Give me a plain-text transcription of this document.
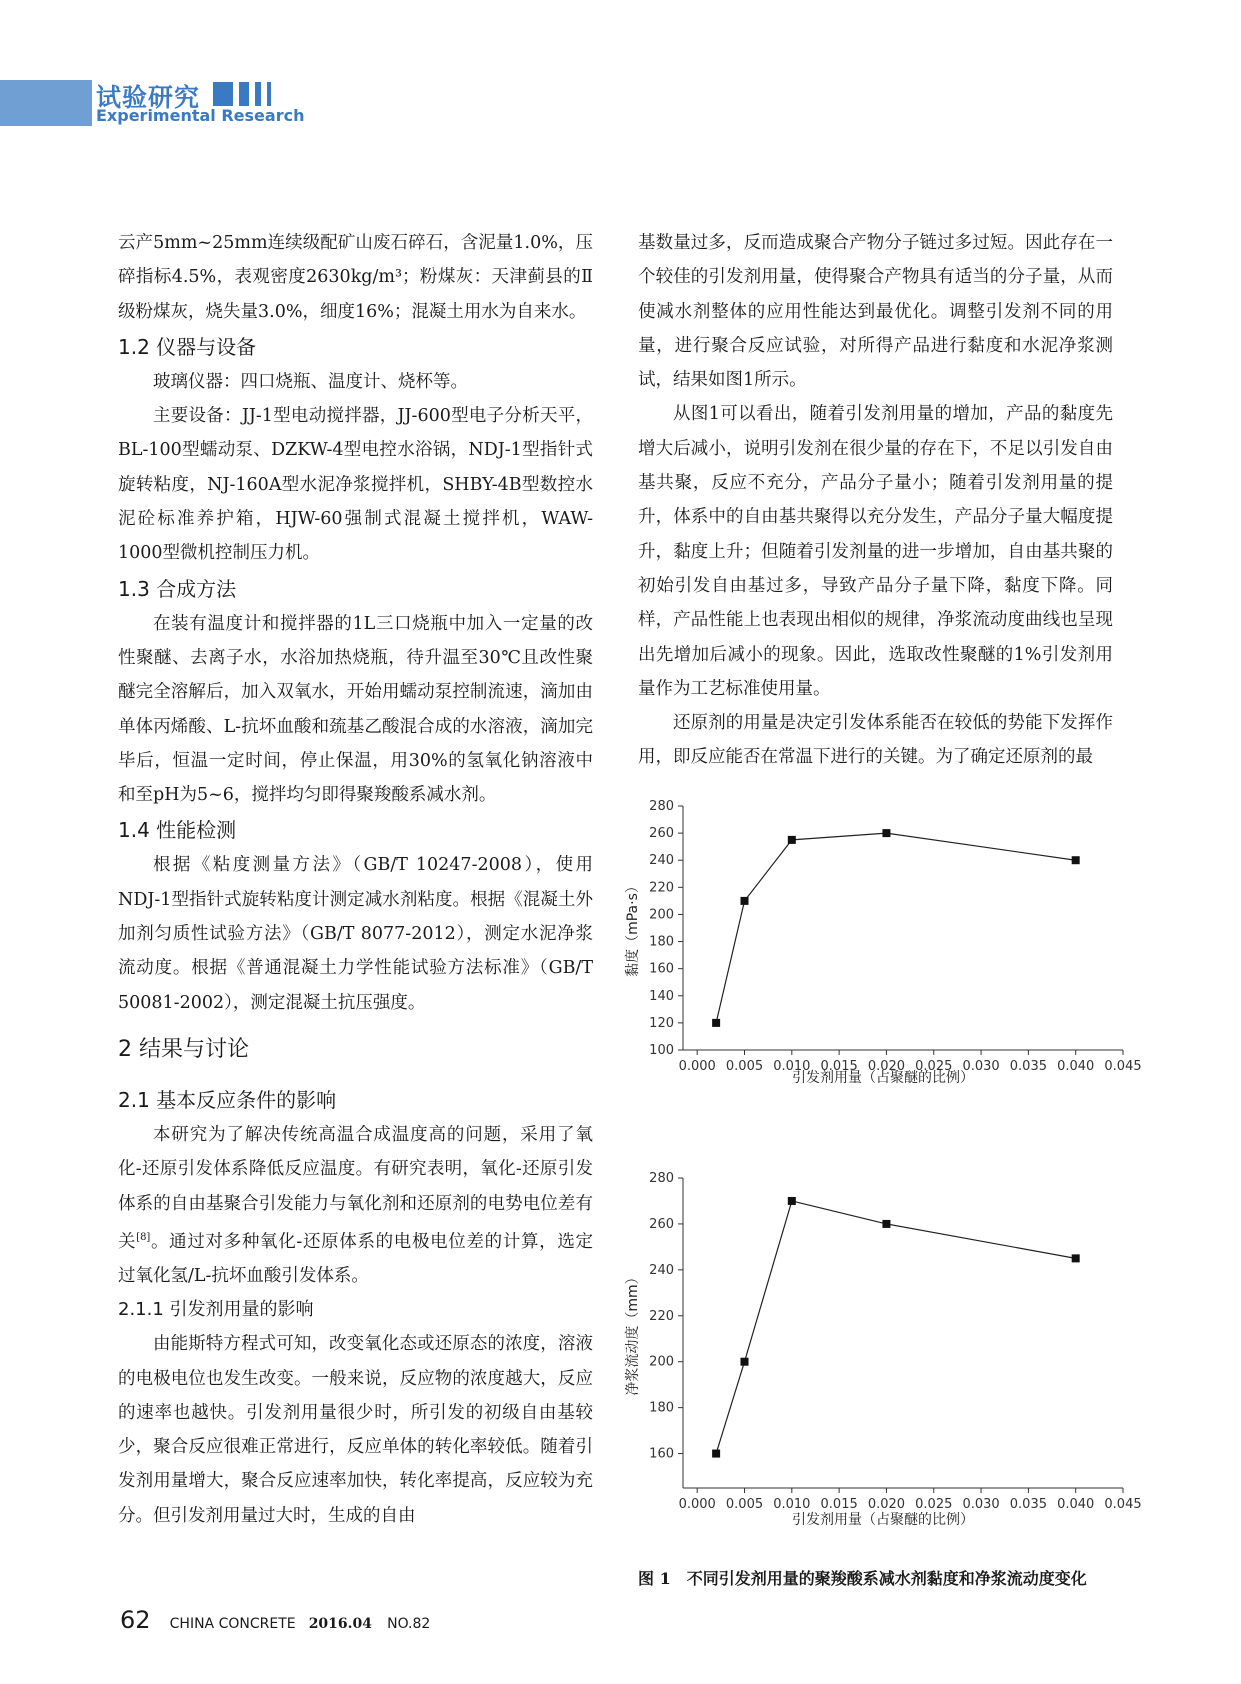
试验研究
Experimental Research

云产5mm~25mm连续级配矿山废石碎石，含泥量1.0%，压碎指标4.5%，表观密度2630kg/m³；粉煤灰：天津蓟县的Ⅱ级粉煤灰，烧失量3.0%，细度16%；混凝土用水为自来水。

1.2 仪器与设备

玻璃仪器：四口烧瓶、温度计、烧杯等。

主要设备：JJ-1型电动搅拌器，JJ-600型电子分析天平，BL-100型蠕动泵、DZKW-4型电控水浴锅，NDJ-1型指针式旋转粘度，NJ-160A型水泥净浆搅拌机，SHBY-4B型数控水泥砼标准养护箱，HJW-60强制式混凝土搅拌机，WAW-1000型微机控制压力机。

1.3 合成方法

在装有温度计和搅拌器的1L三口烧瓶中加入一定量的改性聚醚、去离子水，水浴加热烧瓶，待升温至30℃且改性聚醚完全溶解后，加入双氧水，开始用蠕动泵控制流速，滴加由单体丙烯酸、L-抗坏血酸和巯基乙酸混合成的水溶液，滴加完毕后，恒温一定时间，停止保温，用30%的氢氧化钠溶液中和至pH为5~6，搅拌均匀即得聚羧酸系减水剂。

1.4 性能检测

根据《粘度测量方法》（GB/T 10247-2008），使用NDJ-1型指针式旋转粘度计测定减水剂粘度。根据《混凝土外加剂匀质性试验方法》（GB/T 8077-2012），测定水泥净浆流动度。根据《普通混凝土力学性能试验方法标准》（GB/T 50081-2002），测定混凝土抗压强度。

2 结果与讨论

2.1 基本反应条件的影响

本研究为了解决传统高温合成温度高的问题，采用了氧化-还原引发体系降低反应温度。有研究表明，氧化-还原引发体系的自由基聚合引发能力与氧化剂和还原剂的电势电位差有关[8]。通过对多种氧化-还原体系的电极电位差的计算，选定过氧化氢/L-抗坏血酸引发体系。

2.1.1 引发剂用量的影响

由能斯特方程式可知，改变氧化态或还原态的浓度，溶液的电极电位也发生改变。一般来说，反应物的浓度越大，反应的速率也越快。引发剂用量很少时，所引发的初级自由基较少，聚合反应很难正常进行，反应单体的转化率较低。随着引发剂用量增大，聚合反应速率加快，转化率提高，反应较为充分。但引发剂用量过大时，生成的自由

基数量过多，反而造成聚合产物分子链过多过短。因此存在一个较佳的引发剂用量，使得聚合产物具有适当的分子量，从而使减水剂整体的应用性能达到最优化。调整引发剂不同的用量，进行聚合反应试验，对所得产品进行黏度和水泥净浆测试，结果如图1所示。

从图1可以看出，随着引发剂用量的增加，产品的黏度先增大后减小，说明引发剂在很少量的存在下，不足以引发自由基共聚，反应不充分，产品分子量小；随着引发剂用量的提升，体系中的自由基共聚得以充分发生，产品分子量大幅度提升，黏度上升；但随着引发剂量的进一步增加，自由基共聚的初始引发自由基过多，导致产品分子量下降，黏度下降。同样，产品性能上也表现出相似的规律，净浆流动度曲线也呈现出先增加后减小的现象。因此，选取改性聚醚的1%引发剂用量作为工艺标准使用量。

还原剂的用量是决定引发体系能否在较低的势能下发挥作用，即反应能否在常温下进行的关键。为了确定还原剂的最

100
120
140
160
180
200
220
240
260
280
0.000 0.005 0.010 0.015 0.020 0.025 0.030 0.035 0.040 0.045
引发剂用量（占聚醚的比例）
黏度（mPa·s）
160
180
200
220
240
260
280
0.000 0.005 0.010 0.015 0.020 0.025 0.030 0.035 0.040 0.045
引发剂用量（占聚醚的比例）
净浆流动度（mm）
图 1　不同引发剂用量的聚羧酸系减水剂黏度和净浆流动度变化
62 CHINA CONCRETE 2016.04 NO.82
